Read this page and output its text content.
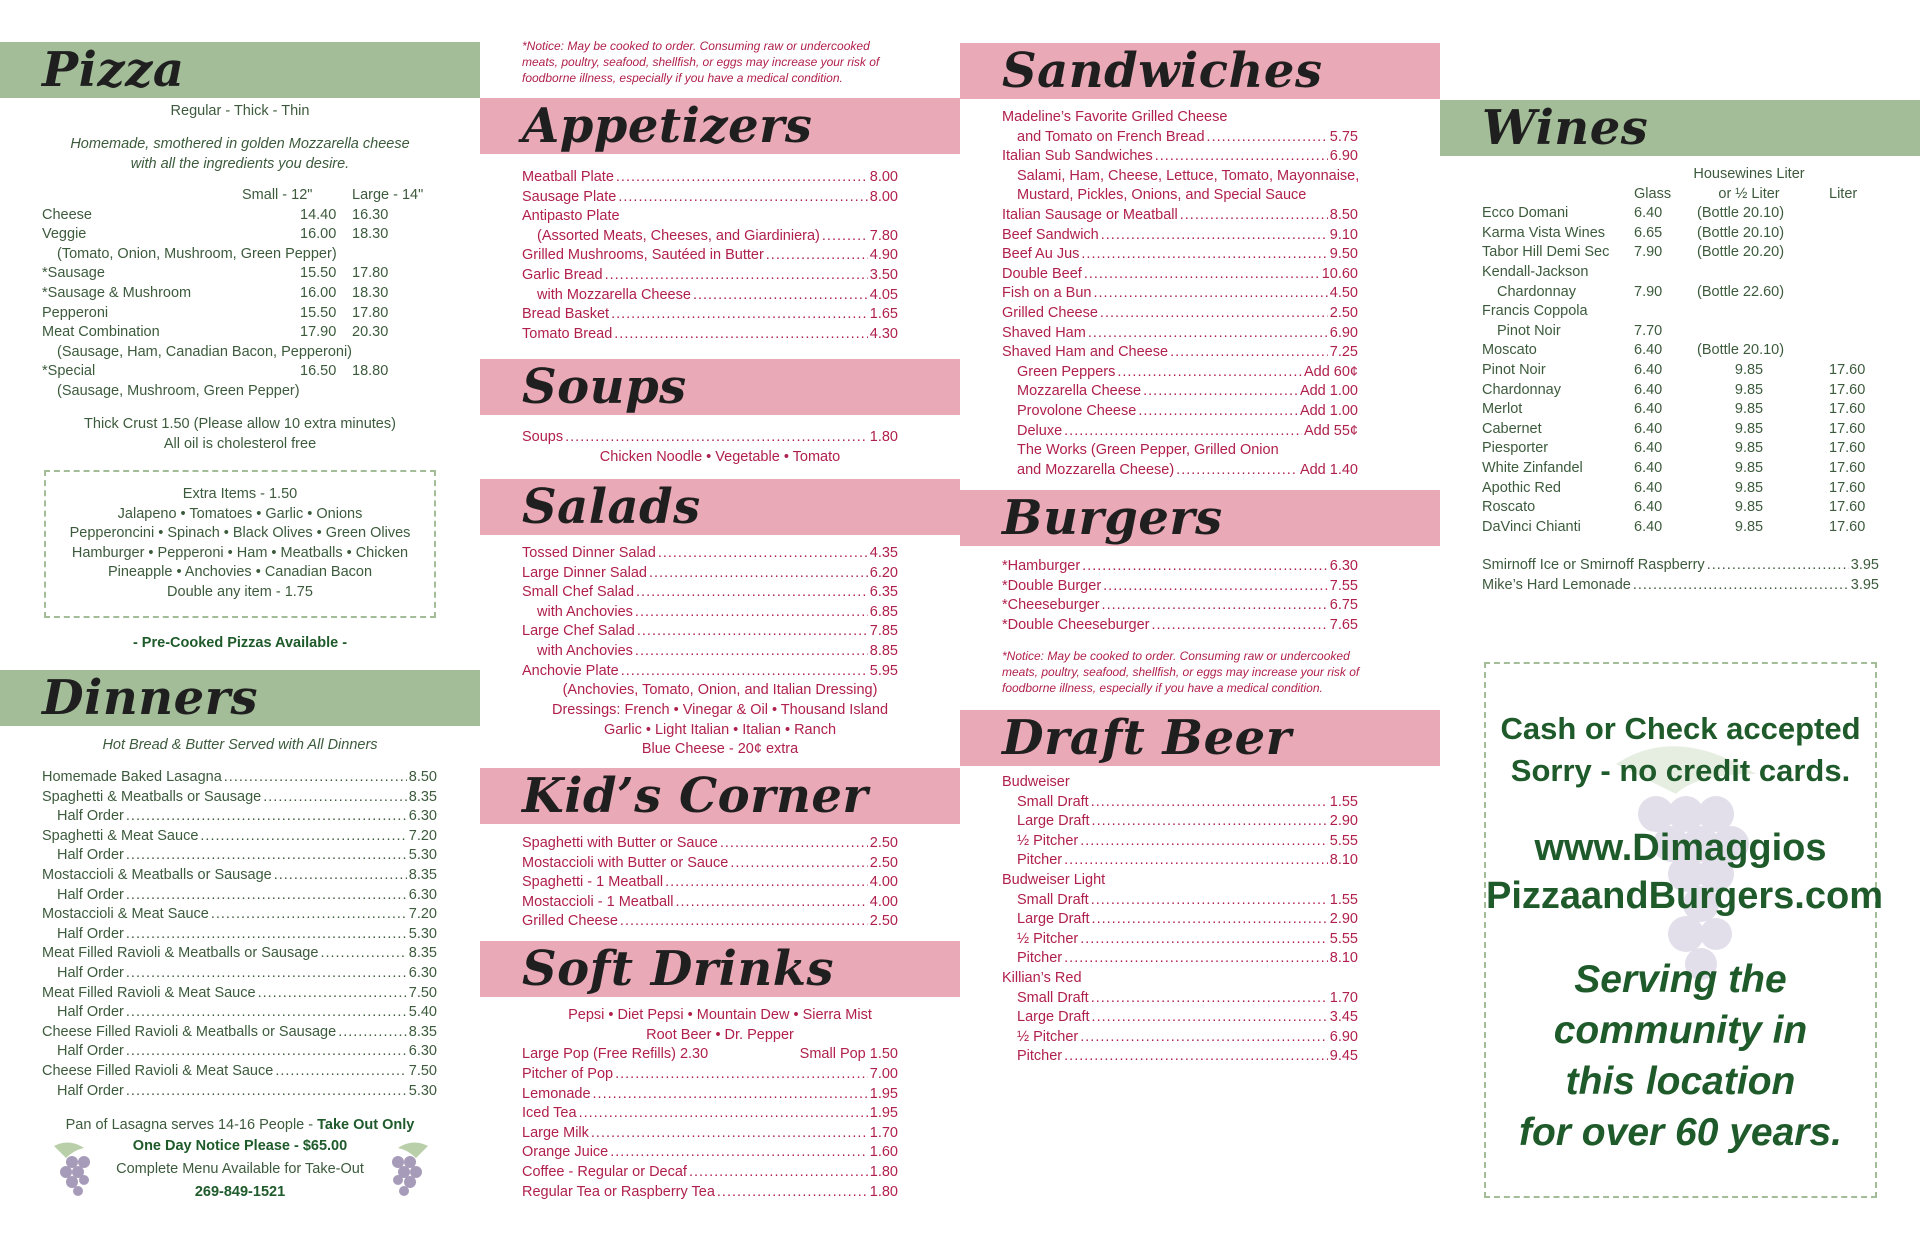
Pizza
Regular - Thick - Thin
Homemade, smothered in golden Mozzarella cheese
with all the ingredients you desire.
Small - 12"	Large - 14"
Cheese	14.40	16.30
Veggie	16.00	18.30
(Tomato, Onion, Mushroom, Green Pepper)
*Sausage	15.50	17.80
*Sausage & Mushroom	16.00	18.30
Pepperoni	15.50	17.80
Meat Combination	17.90	20.30
(Sausage, Ham, Canadian Bacon, Pepperoni)
*Special	16.50	18.80
(Sausage, Mushroom, Green Pepper)
Thick Crust 1.50 (Please allow 10 extra minutes)
All oil is cholesterol free
Extra Items - 1.50
Jalapeno • Tomatoes • Garlic • Onions
Pepperoncini • Spinach • Black Olives • Green Olives
Hamburger • Pepperoni • Ham • Meatballs • Chicken
Pineapple • Anchovies • Canadian Bacon
Double any item - 1.75
- Pre-Cooked Pizzas Available -
Dinners
Hot Bread & Butter Served with All Dinners
Homemade Baked Lasagna .....	8.50
Spaghetti & Meatballs or Sausage .....	8.35
Half Order .....	6.30
Spaghetti & Meat Sauce .....	7.20
Half Order .....	5.30
Mostaccioli & Meatballs or Sausage .....	8.35
Half Order .....	6.30
Mostaccioli & Meat Sauce .....	7.20
Half Order .....	5.30
Meat Filled Ravioli & Meatballs or Sausage .....	8.35
Half Order .....	6.30
Meat Filled Ravioli & Meat Sauce .....	7.50
Half Order .....	5.40
Cheese Filled Ravioli & Meatballs or Sausage .....	8.35
Half Order .....	6.30
Cheese Filled Ravioli & Meat Sauce .....	7.50
Half Order .....	5.30
Pan of Lasagna serves 14-16 People - Take Out Only
One Day Notice Please - $65.00
Complete Menu Available for Take-Out
269-849-1521
*Notice: May be cooked to order. Consuming raw or undercooked
meats, poultry, seafood, shellfish, or eggs may increase your risk of
foodborne illness, especially if you have a medical condition.
Appetizers
Meatball Plate .....	8.00
Sausage Plate .....	8.00
Antipasto Plate
(Assorted Meats, Cheeses, and Giardiniera) .....	7.80
Grilled Mushrooms, Sautéed in Butter .....	4.90
Garlic Bread .....	3.50
with Mozzarella Cheese .....	4.05
Bread Basket .....	1.65
Tomato Bread .....	4.30
Soups
Soups .....	1.80
Chicken Noodle • Vegetable • Tomato
Salads
Tossed Dinner Salad .....	4.35
Large Dinner Salad .....	6.20
Small Chef Salad .....	6.35
with Anchovies .....	6.85
Large Chef Salad .....	7.85
with Anchovies .....	8.85
Anchovie Plate .....	5.95
(Anchovies, Tomato, Onion, and Italian Dressing)
Dressings: French • Vinegar & Oil • Thousand Island
Garlic • Light Italian • Italian • Ranch
Blue Cheese - 20¢ extra
Kid’s Corner
Spaghetti with Butter or Sauce .....	2.50
Mostaccioli with Butter or Sauce .....	2.50
Spaghetti - 1 Meatball .....	4.00
Mostaccioli - 1 Meatball .....	4.00
Grilled Cheese .....	2.50
Soft Drinks
Pepsi • Diet Pepsi • Mountain Dew • Sierra Mist
Root Beer • Dr. Pepper
Large Pop (Free Refills) 2.30	Small Pop 1.50
Pitcher of Pop .....	7.00
Lemonade .....	1.95
Iced Tea .....	1.95
Large Milk .....	1.70
Orange Juice .....	1.60
Coffee - Regular or Decaf .....	1.80
Regular Tea or Raspberry Tea .....	1.80
Sandwiches
Madeline’s Favorite Grilled Cheese
and Tomato on French Bread .....	5.75
Italian Sub Sandwiches .....	6.90
Salami, Ham, Cheese, Lettuce, Tomato, Mayonnaise,
Mustard, Pickles, Onions, and Special Sauce
Italian Sausage or Meatball .....	8.50
Beef Sandwich .....	9.10
Beef Au Jus .....	9.50
Double Beef .....	10.60
Fish on a Bun .....	4.50
Grilled Cheese .....	2.50
Shaved Ham .....	6.90
Shaved Ham and Cheese .....	7.25
Green Peppers .....	Add 60¢
Mozzarella Cheese .....	Add 1.00
Provolone Cheese .....	Add 1.00
Deluxe .....	Add 55¢
The Works (Green Pepper, Grilled Onion
and Mozzarella Cheese) .....	Add 1.40
Burgers
*Hamburger .....	6.30
*Double Burger .....	7.55
*Cheeseburger .....	6.75
*Double Cheeseburger .....	7.65
*Notice: May be cooked to order. Consuming raw or undercooked
meats, poultry, seafood, shellfish, or eggs may increase your risk of
foodborne illness, especially if you have a medical condition.
Draft Beer
Budweiser
Small Draft .....	1.55
Large Draft .....	2.90
½ Pitcher .....	5.55
Pitcher .....	8.10
Budweiser Light
Small Draft .....	1.55
Large Draft .....	2.90
½ Pitcher .....	5.55
Pitcher .....	8.10
Killian’s Red
Small Draft .....	1.70
Large Draft .....	3.45
½ Pitcher .....	6.90
Pitcher .....	9.45
Wines
Housewines Liter
Glass	or ½ Liter	Liter
Ecco Domani	6.40	(Bottle 20.10)
Karma Vista Wines	6.65	(Bottle 20.10)
Tabor Hill Demi Sec	7.90	(Bottle 20.20)
Kendall-Jackson
Chardonnay	7.90	(Bottle 22.60)
Francis Coppola
Pinot Noir	7.70
Moscato	6.40	(Bottle 20.10)
Pinot Noir	6.40	9.85	17.60
Chardonnay	6.40	9.85	17.60
Merlot	6.40	9.85	17.60
Cabernet	6.40	9.85	17.60
Piesporter	6.40	9.85	17.60
White Zinfandel	6.40	9.85	17.60
Apothic Red	6.40	9.85	17.60
Roscato	6.40	9.85	17.60
DaVinci Chianti	6.40	9.85	17.60
Smirnoff Ice or Smirnoff Raspberry .....	3.95
Mike’s Hard Lemonade .....	3.95
Cash or Check accepted
Sorry - no credit cards.
www.Dimaggios
PizzaandBurgers.com
Serving the
community in
this location
for over 60 years.
